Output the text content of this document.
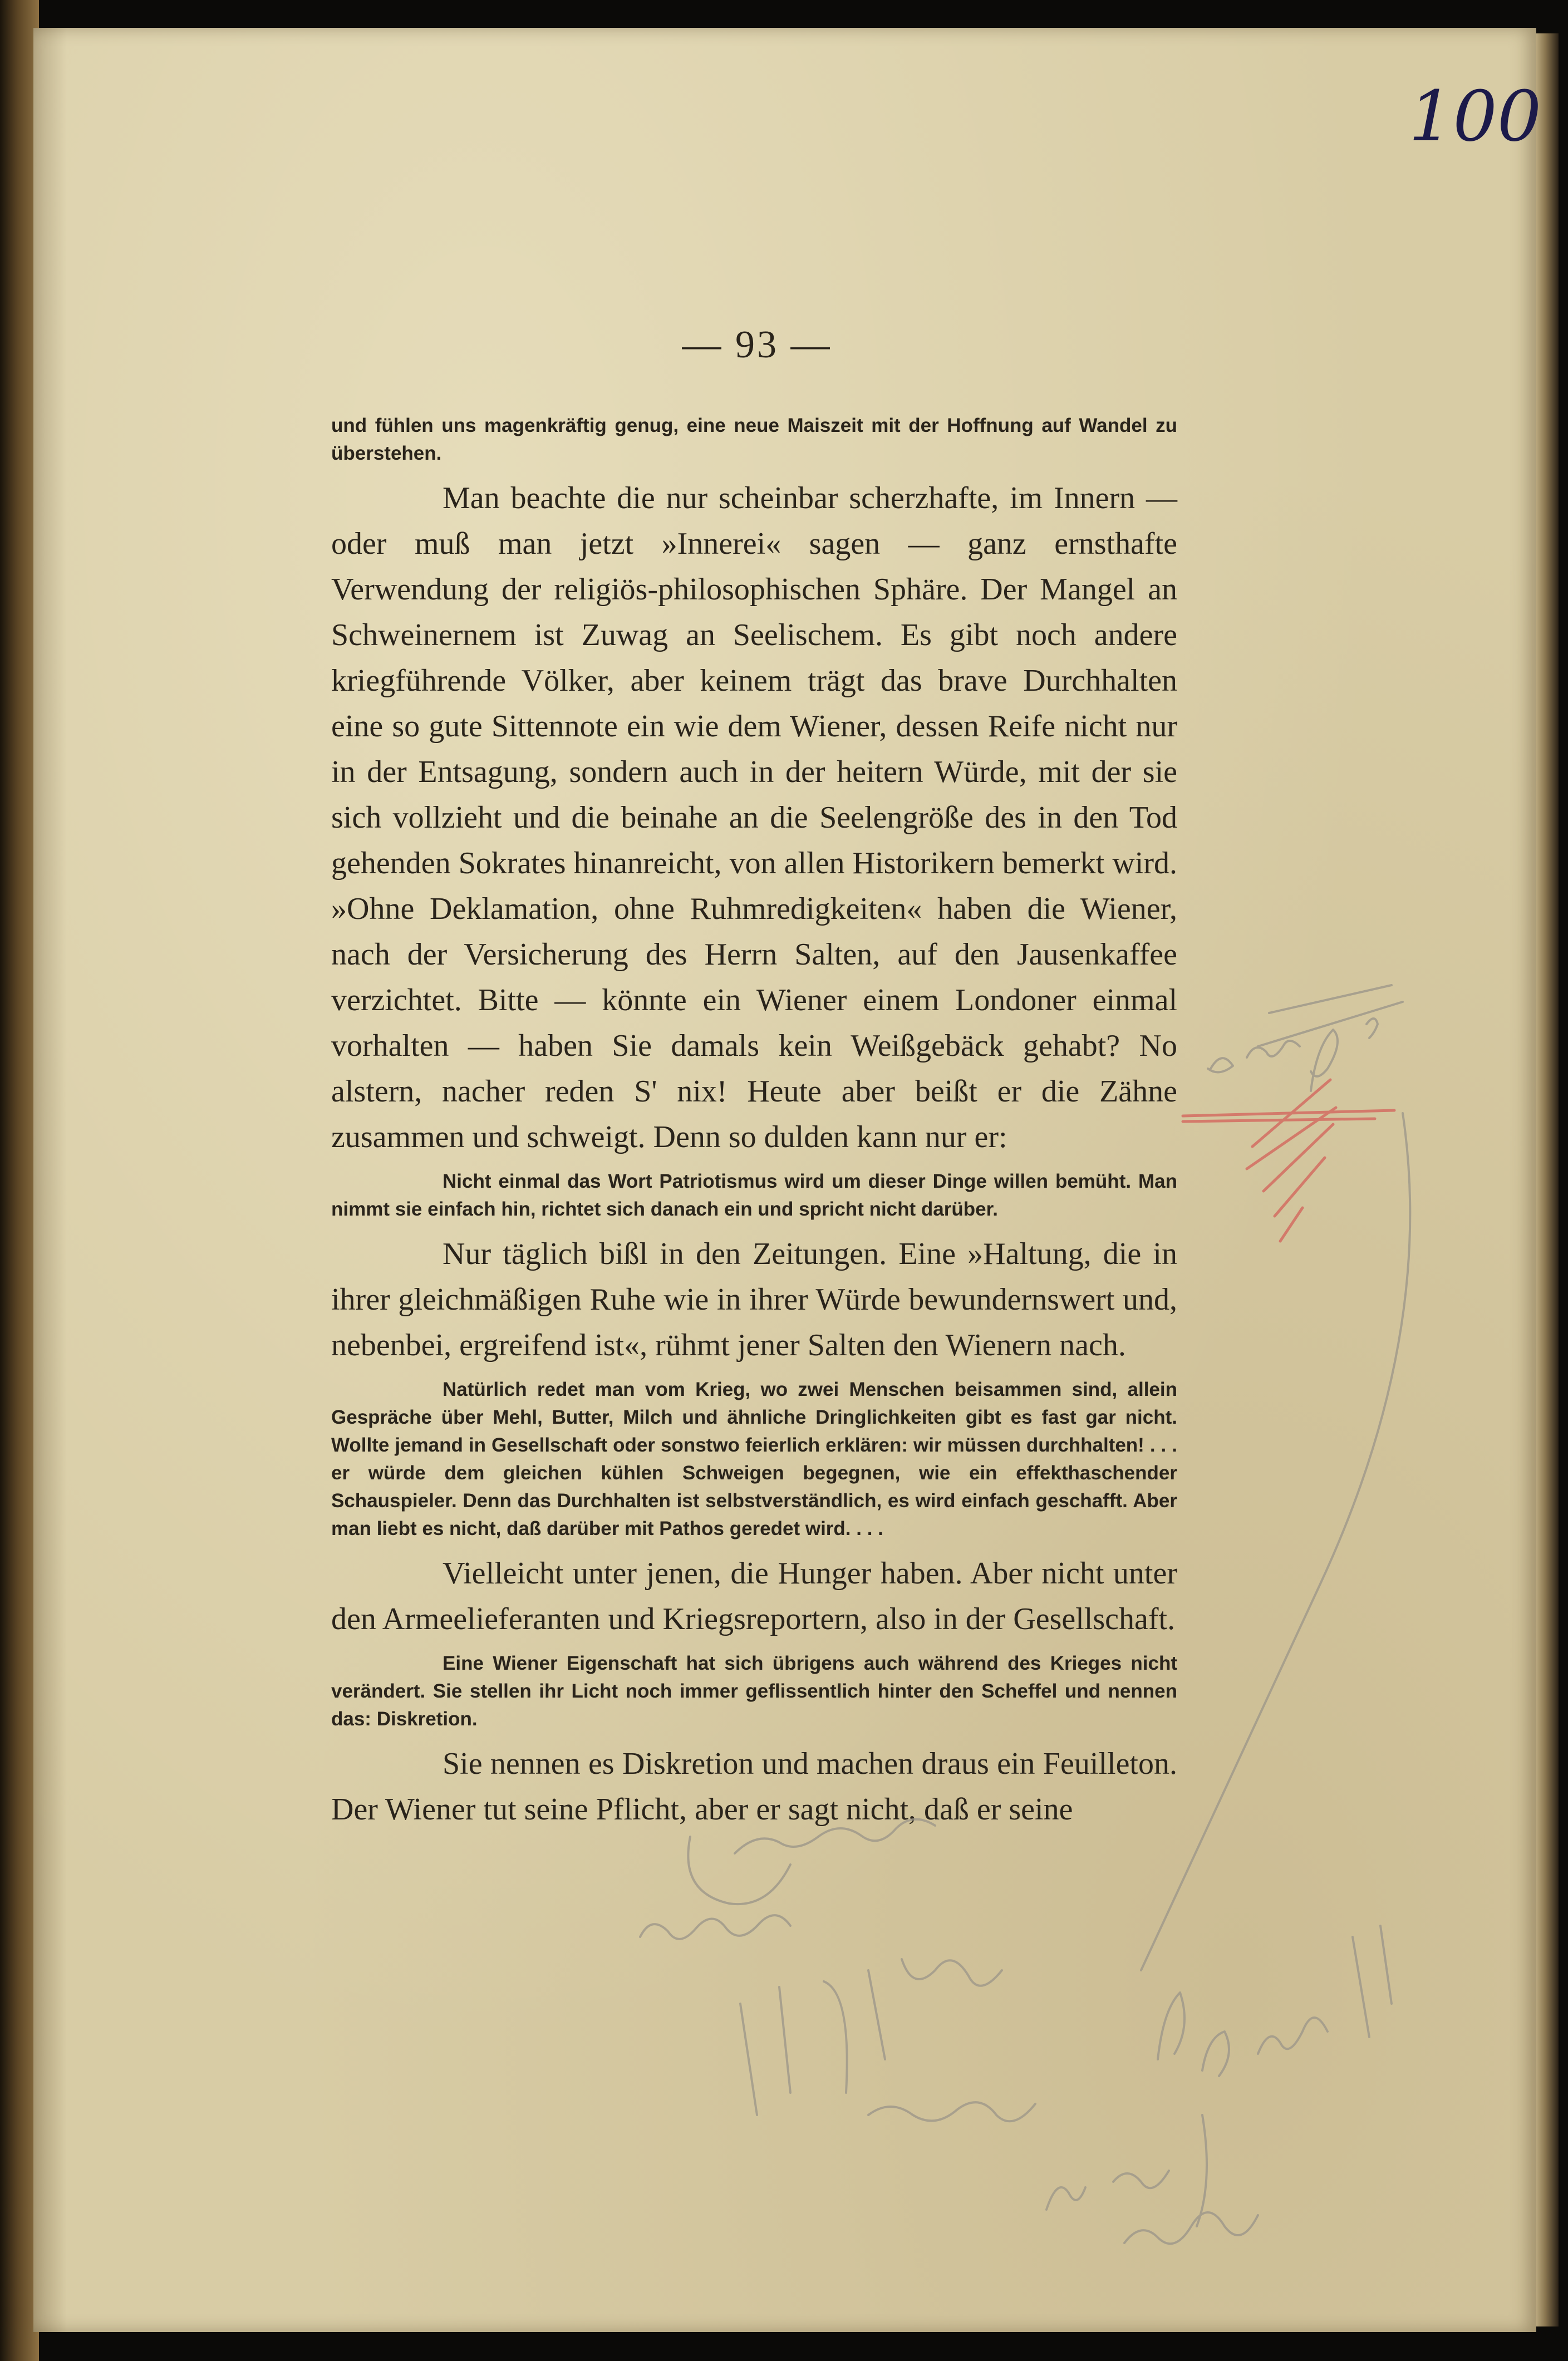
100
— 93 —

und fühlen uns magenkräftig genug, eine neue Maiszeit mit der Hoffnung auf Wandel zu überstehen.

Man beachte die nur scheinbar scherzhafte, im Innern — oder muß man jetzt »Innerei« sagen — ganz ernsthafte Verwendung der religiös-philosophischen Sphäre. Der Mangel an Schweinernem ist Zuwag an Seelischem. Es gibt noch andere kriegführende Völker, aber keinem trägt das brave Durchhalten eine so gute Sittennote ein wie dem Wiener, dessen Reife nicht nur in der Entsagung, sondern auch in der heitern Würde, mit der sie sich vollzieht und die beinahe an die Seelengröße des in den Tod gehenden Sokrates hinanreicht, von allen Historikern bemerkt wird. »Ohne Deklamation, ohne Ruhmredigkeiten« haben die Wiener, nach der Versicherung des Herrn Salten, auf den Jausenkaffee verzichtet. Bitte — könnte ein Wiener einem Londoner einmal vorhalten — haben Sie damals kein Weißgebäck gehabt? No alstern, nacher reden S' nix! Heute aber beißt er die Zähne zusammen und schweigt. Denn so dulden kann nur er:

Nicht einmal das Wort Patriotismus wird um dieser Dinge willen bemüht. Man nimmt sie einfach hin, richtet sich danach ein und spricht nicht darüber.

Nur täglich bißl in den Zeitungen. Eine »Haltung, die in ihrer gleichmäßigen Ruhe wie in ihrer Würde bewundernswert und, nebenbei, ergreifend ist«, rühmt jener Salten den Wienern nach.

Natürlich redet man vom Krieg, wo zwei Menschen beisammen sind, allein Gespräche über Mehl, Butter, Milch und ähnliche Dringlichkeiten gibt es fast gar nicht. Wollte jemand in Gesellschaft oder sonstwo feierlich erklären: wir müssen durchhalten! . . . er würde dem gleichen kühlen Schweigen begegnen, wie ein effekthaschender Schauspieler. Denn das Durchhalten ist selbstverständlich, es wird einfach geschafft. Aber man liebt es nicht, daß darüber mit Pathos geredet wird. . . .

Vielleicht unter jenen, die Hunger haben. Aber nicht unter den Armeelieferanten und Kriegsreportern, also in der Gesellschaft.

Eine Wiener Eigenschaft hat sich übrigens auch während des Krieges nicht verändert. Sie stellen ihr Licht noch immer geflissentlich hinter den Scheffel und nennen das: Diskretion.

Sie nennen es Diskretion und machen draus ein Feuilleton. Der Wiener tut seine Pflicht, aber er sagt nicht, daß er seine
